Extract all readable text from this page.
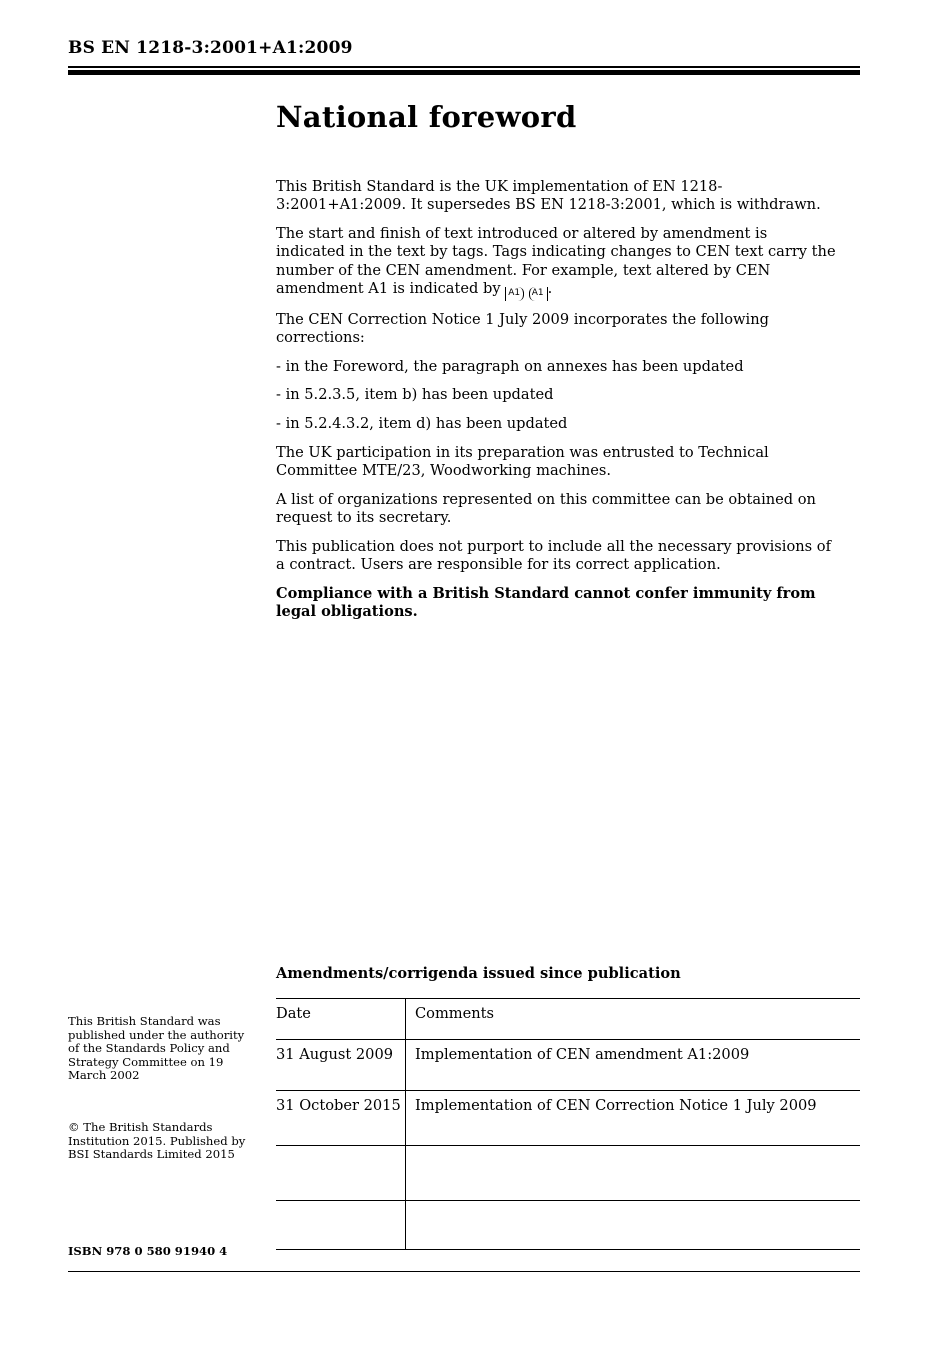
BS EN 1218-3:2001+A1:2009
National foreword

This British Standard is the UK implementation of EN 1218-3:2001+A1:2009. It supersedes BS EN 1218-3:2001, which is withdrawn.

The start and finish of text introduced or altered by amendment is indicated in the text by tags. Tags indicating changes to CEN text carry the number of the CEN amendment. For example, text altered by CEN amendment A1 is indicated by A1 A1 .

The CEN Correction Notice 1 July 2009 incorporates the following corrections:

- in the Foreword, the paragraph on annexes has been updated

- in 5.2.3.5, item b) has been updated

- in 5.2.4.3.2, item d) has been updated

The UK participation in its preparation was entrusted to Technical Committee MTE/23, Woodworking machines.

A list of organizations represented on this committee can be obtained on request to its secretary.

This publication does not purport to include all the necessary provisions of a contract. Users are responsible for its correct application.

Compliance with a British Standard cannot confer immunity from legal obligations.

Amendments/corrigenda issued since publication
Date	Comments

31 August 2009	Implementation of CEN amendment A1:2009

31 October 2015	Implementation of CEN Correction Notice 1 July 2009

This British Standard was published under the authority of the Standards Policy and Strategy Committee on 19 March 2002
© The British Standards Institution 2015. Published by BSI Standards Limited 2015
ISBN 978 0 580 91940 4
